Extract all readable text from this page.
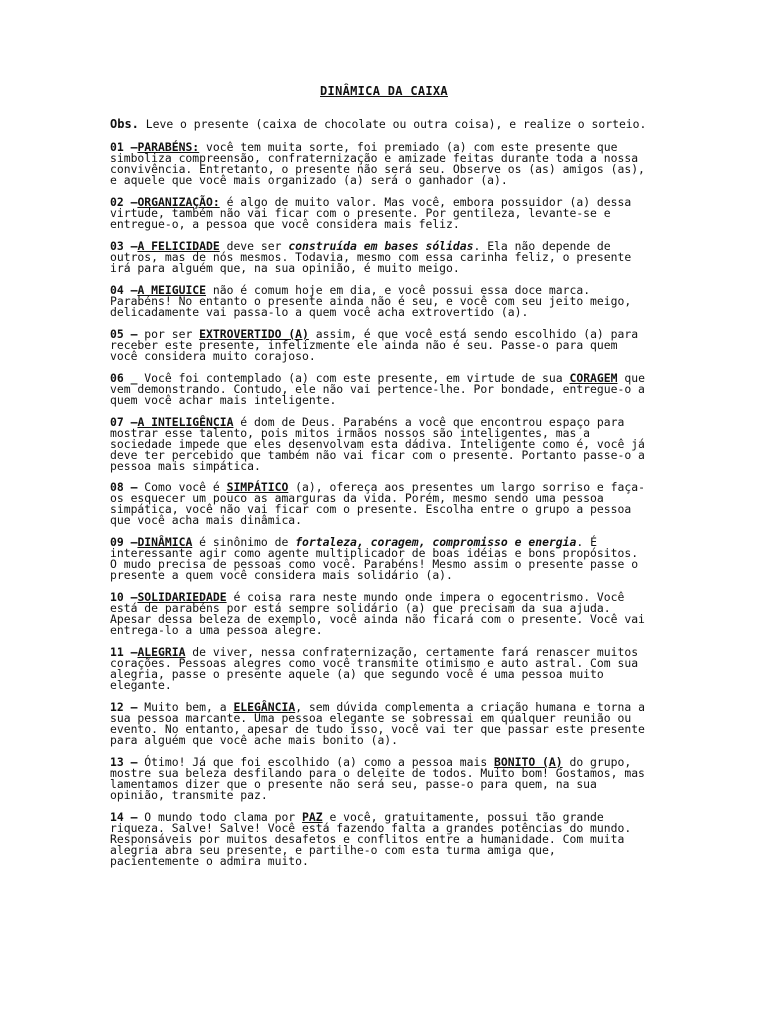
DINÂMICA DA CAIXA
Obs. Leve o presente (caixa de chocolate ou outra coisa), e realize o sorteio.
01 –PARABÉNS: você tem muita sorte, foi premiado (a) com este presente que
simboliza compreensão, confraternização e amizade feitas durante toda a nossa
convivência. Entretanto, o presente não será seu. Observe os (as) amigos (as),
e aquele que você mais organizado (a) será o ganhador (a).
02 –ORGANIZAÇÃO: é algo de muito valor. Mas você, embora possuidor (a) dessa
virtude, também não vai ficar com o presente. Por gentileza, levante-se e
entregue-o, a pessoa que você considera mais feliz.
03 –A FELICIDADE deve ser construída em bases sólidas. Ela não depende de
outros, mas de nós mesmos. Todavia, mesmo com essa carinha feliz, o presente
irá para alguém que, na sua opinião, é muito meigo.
04 –A MEIGUICE não é comum hoje em dia, e você possui essa doce marca.
Parabéns! No entanto o presente ainda não é seu, e você com seu jeito meigo,
delicadamente vai passa-lo a quem você acha extrovertido (a).
05 – por ser EXTROVERTIDO (A) assim, é que você está sendo escolhido (a) para
receber este presente, infelizmente ele ainda não é seu. Passe-o para quem
você considera muito corajoso.
06 _ Você foi contemplado (a) com este presente, em virtude de sua CORAGEM que
vem demonstrando. Contudo, ele não vai pertence-lhe. Por bondade, entregue-o a
quem você achar mais inteligente.
07 –A INTELIGÊNCIA é dom de Deus. Parabéns a você que encontrou espaço para
mostrar esse talento, pois mitos irmãos nossos são inteligentes, mas a
sociedade impede que eles desenvolvam esta dádiva. Inteligente como é, você já
deve ter percebido que também não vai ficar com o presente. Portanto passe-o a
pessoa mais simpática.
08 – Como você é SIMPÁTICO (a), ofereça aos presentes um largo sorriso e faça-
os esquecer um pouco as amarguras da vida. Porém, mesmo sendo uma pessoa
simpática, você não vai ficar com o presente. Escolha entre o grupo a pessoa
que você acha mais dinâmica.
09 –DINÂMICA é sinônimo de fortaleza, coragem, compromisso e energia. É
interessante agir como agente multiplicador de boas idéias e bons propósitos.
O mudo precisa de pessoas como você. Parabéns! Mesmo assim o presente passe o
presente a quem você considera mais solidário (a).
10 –SOLIDARIEDADE é coisa rara neste mundo onde impera o egocentrismo. Você
está de parabéns por está sempre solidário (a) que precisam da sua ajuda.
Apesar dessa beleza de exemplo, você ainda não ficará com o presente. Você vai
entrega-lo a uma pessoa alegre.
11 –ALEGRIA de viver, nessa confraternização, certamente fará renascer muitos
corações. Pessoas alegres como você transmite otimismo e auto astral. Com sua
alegria, passe o presente aquele (a) que segundo você é uma pessoa muito
elegante.
12 – Muito bem, a ELEGÂNCIA, sem dúvida complementa a criação humana e torna a
sua pessoa marcante. Uma pessoa elegante se sobressai em qualquer reunião ou
evento. No entanto, apesar de tudo isso, você vai ter que passar este presente
para alguém que você ache mais bonito (a).
13 – Ótimo! Já que foi escolhido (a) como a pessoa mais BONITO (A) do grupo,
mostre sua beleza desfilando para o deleite de todos. Muito bom! Gostamos, mas
lamentamos dizer que o presente não será seu, passe-o para quem, na sua
opinião, transmite paz.
14 – O mundo todo clama por PAZ e você, gratuitamente, possui tão grande
riqueza. Salve! Salve! Você está fazendo falta a grandes potências do mundo.
Responsáveis por muitos desafetos e conflitos entre a humanidade. Com muita
alegria abra seu presente, e partilhe-o com esta turma amiga que,
pacientemente o admira muito.
